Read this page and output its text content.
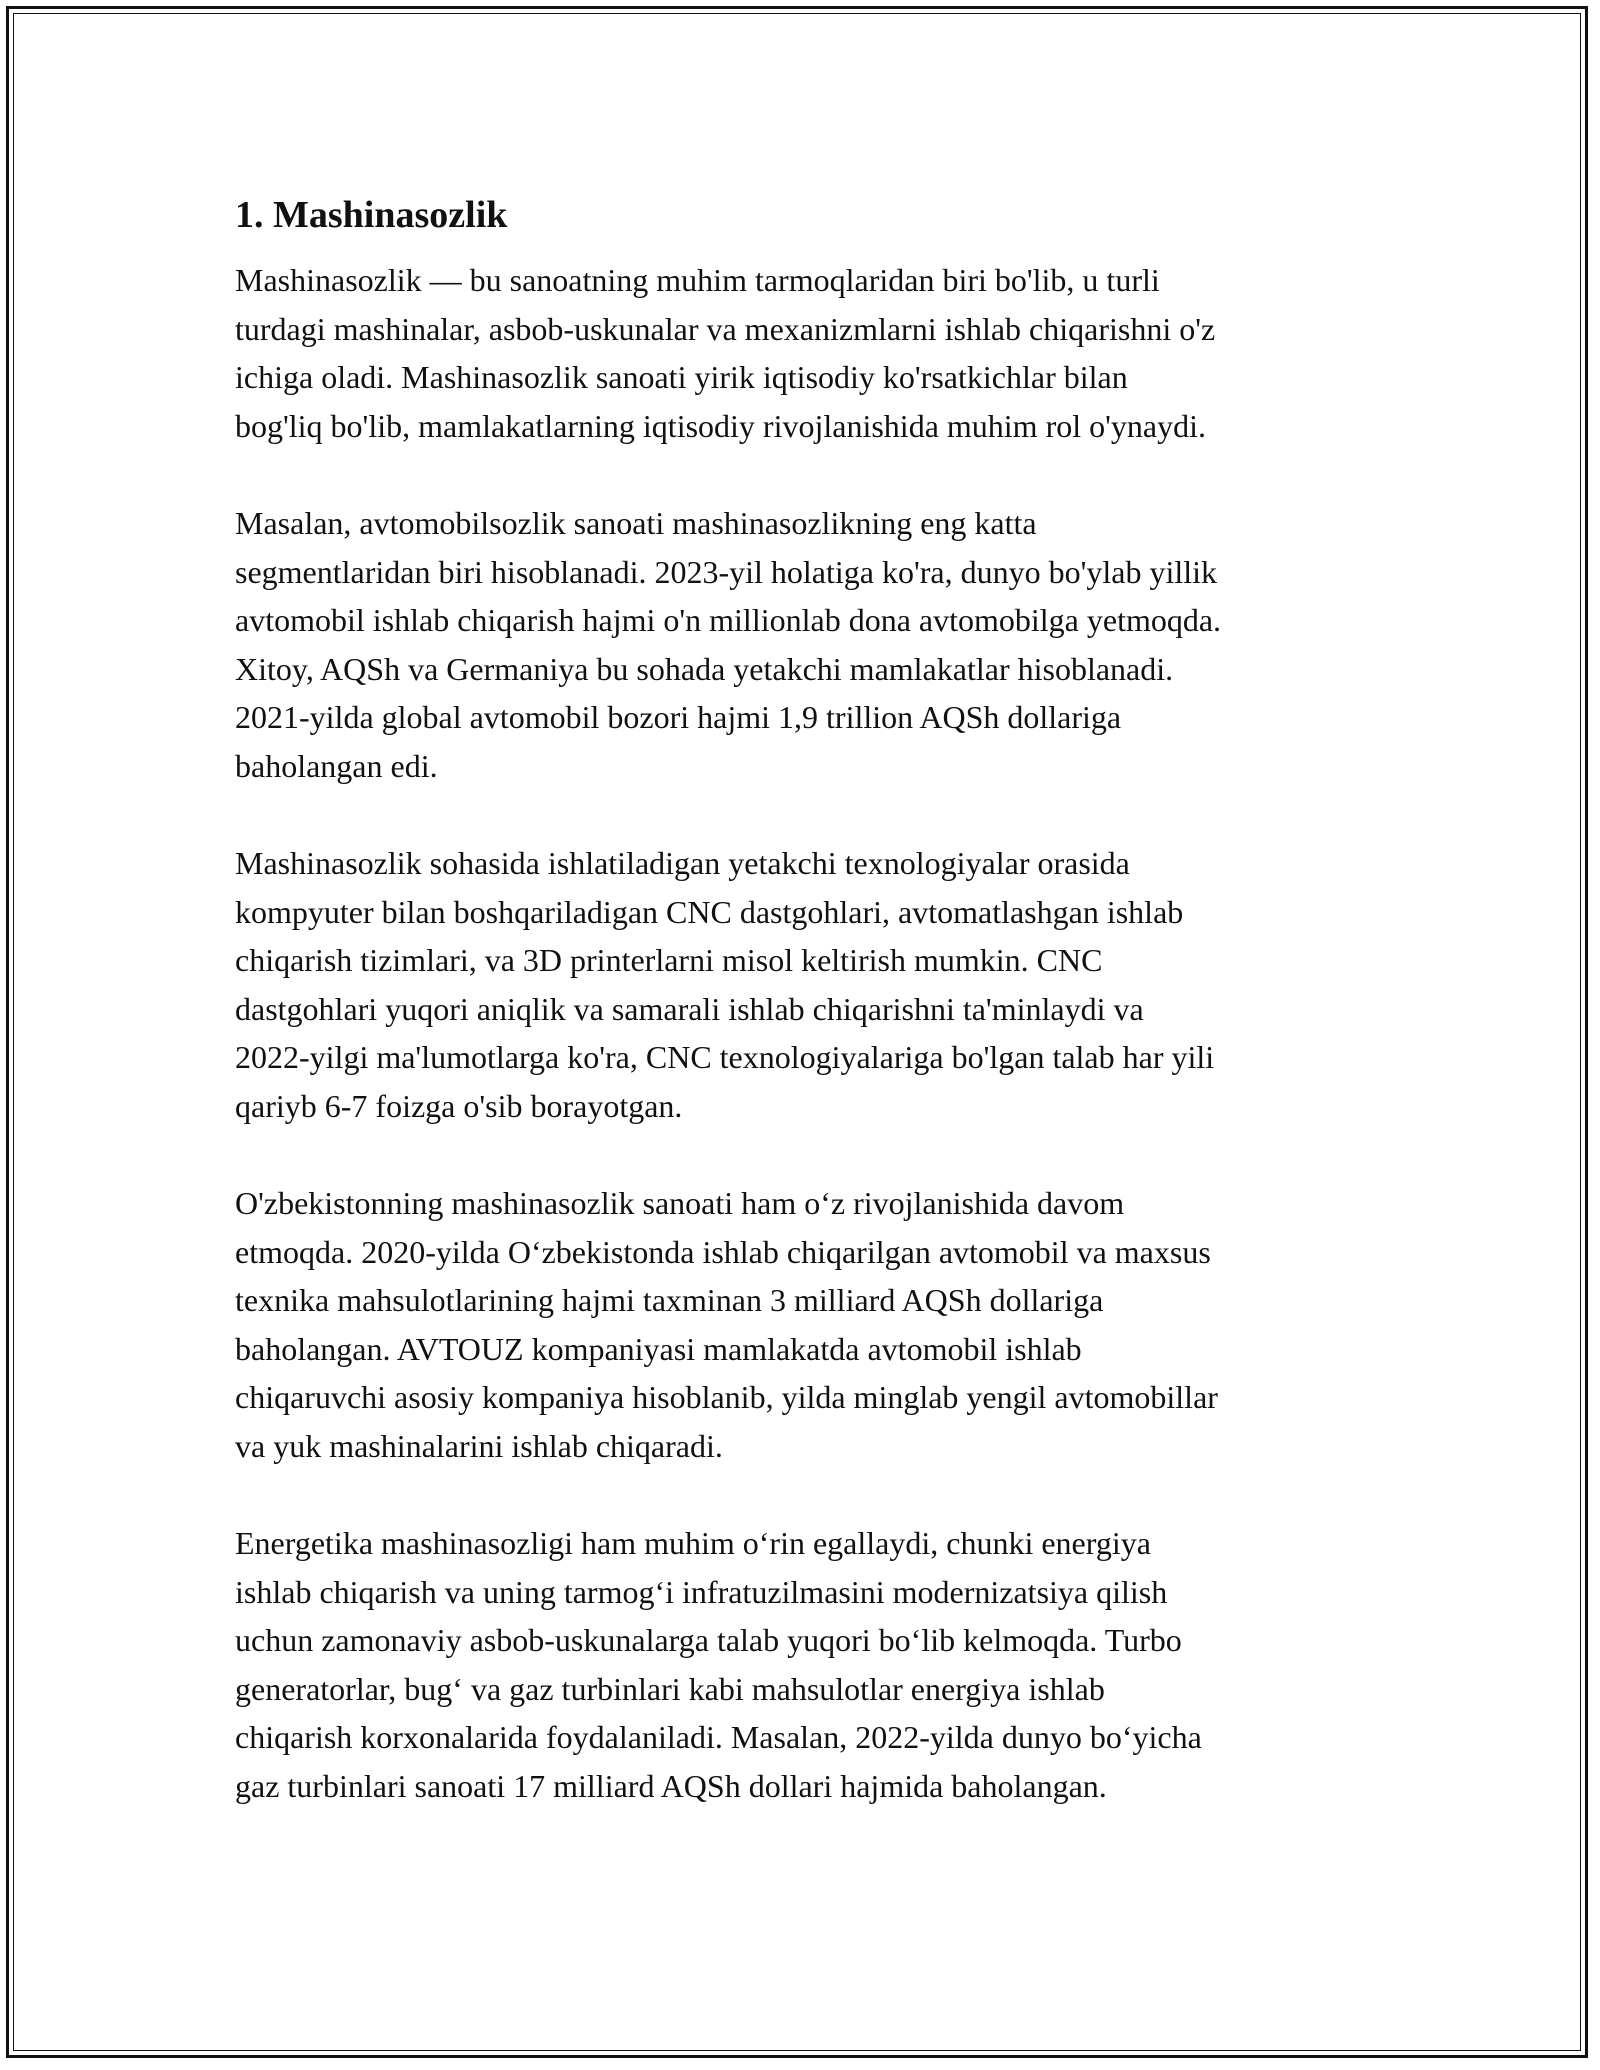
1. Mashinasozlik

Mashinasozlik — bu sanoatning muhim tarmoqlaridan biri bo'lib, u turli
turdagi mashinalar, asbob-uskunalar va mexanizmlarni ishlab chiqarishni o'z
ichiga oladi. Mashinasozlik sanoati yirik iqtisodiy ko'rsatkichlar bilan
bog'liq bo'lib, mamlakatlarning iqtisodiy rivojlanishida muhim rol o'ynaydi.

Masalan, avtomobilsozlik sanoati mashinasozlikning eng katta
segmentlaridan biri hisoblanadi. 2023-yil holatiga ko'ra, dunyo bo'ylab yillik
avtomobil ishlab chiqarish hajmi o'n millionlab dona avtomobilga yetmoqda.
Xitoy, AQSh va Germaniya bu sohada yetakchi mamlakatlar hisoblanadi.
2021-yilda global avtomobil bozori hajmi 1,9 trillion AQSh dollariga
baholangan edi.

Mashinasozlik sohasida ishlatiladigan yetakchi texnologiyalar orasida
kompyuter bilan boshqariladigan CNC dastgohlari, avtomatlashgan ishlab
chiqarish tizimlari, va 3D printerlarni misol keltirish mumkin. CNC
dastgohlari yuqori aniqlik va samarali ishlab chiqarishni ta'minlaydi va
2022-yilgi ma'lumotlarga ko'ra, CNC texnologiyalariga bo'lgan talab har yili
qariyb 6-7 foizga o'sib borayotgan.

O'zbekistonning mashinasozlik sanoati ham o‘z rivojlanishida davom
etmoqda. 2020-yilda O‘zbekistonda ishlab chiqarilgan avtomobil va maxsus
texnika mahsulotlarining hajmi taxminan 3 milliard AQSh dollariga
baholangan. AVTOUZ kompaniyasi mamlakatda avtomobil ishlab
chiqaruvchi asosiy kompaniya hisoblanib, yilda minglab yengil avtomobillar
va yuk mashinalarini ishlab chiqaradi.

Energetika mashinasozligi ham muhim o‘rin egallaydi, chunki energiya
ishlab chiqarish va uning tarmog‘i infratuzilmasini modernizatsiya qilish
uchun zamonaviy asbob-uskunalarga talab yuqori bo‘lib kelmoqda. Turbo
generatorlar, bug‘ va gaz turbinlari kabi mahsulotlar energiya ishlab
chiqarish korxonalarida foydalaniladi. Masalan, 2022-yilda dunyo bo‘yicha
gaz turbinlari sanoati 17 milliard AQSh dollari hajmida baholangan.
